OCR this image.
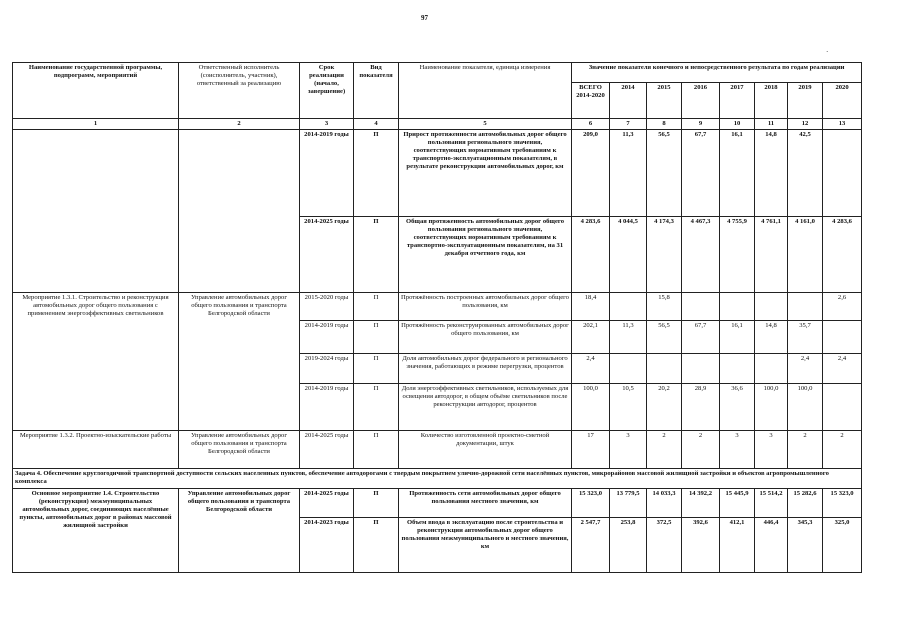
97
·
Наименование государственной программы, подпрограмм, мероприятий	Ответственный исполнитель (соисполнитель, участник), ответственный за реализацию	Срок реализации (начало, завершение)	Вид показателя	Наименование показателя, единица измерения	Значение показателя конечного и непосредственного результата по годам реализации							
					ВСЕГО 2014-2020	2014	2015	2016	2017	2018	2019	2020
1	2	3	4	5	6	7	8	9	10	11	12	13
		2014-2019 годы	П	Прирост протяженности автомобильных дорог общего пользования регионального значения, соответствующих нормативным требованиям к транспортно-эксплуатационным показателям, в результате реконструкции автомобильных дорог, км	209,0	11,3	56,5	67,7	16,1	14,8	42,5	
		2014-2025 годы	П	Общая протяженность автомобильных дорог общего пользования регионального значения, соответствующих нормативным требованиям к транспортно-эксплуатационным показателям, на 31 декабря отчетного года, км	4 283,6	4 044,5	4 174,3	4 467,3	4 755,9	4 761,1	4 161,0	4 283,6
Мероприятие 1.3.1. Строительство и реконструкция автомобильных дорог общего пользования с применением энергоэффективных светильников	Управление автомобильных дорог общего пользования и транспорта Белгородской области	2015-2020 годы	П	Протяжённость построенных автомобильных дорог общего пользования, км	18,4		15,8					2,6
		2014-2019 годы	П	Протяжённость реконструированных автомобильных дорог общего пользования, км	202,1	11,3	56,5	67,7	16,1	14,8	35,7	
		2019-2024 годы	П	Доля автомобильных дорог федерального и регионального значения, работающих в режиме перегрузки, процентов	2,4						2,4	2,4
		2014-2019 годы	П	Доля энергоэффективных светильников, используемых для освещения автодорог, в общем объёме светильников после реконструкции автодорог, процентов	100,0	10,5	20,2	28,9	36,6	100,0	100,0	
Мероприятие 1.3.2. Проектно-изыскательские работы	Управление автомобильных дорог общего пользования и транспорта Белгородской области	2014-2025 годы	П	Количество изготовленной проектно-сметной документации, штук	17	3	2	2	3	3	2	2
Задача 4. Обеспечение круглогодичной транспортной доступности сельских населенных пунктов, обеспечение автодорогами с твердым покрытием улично-дорожной сети населённых пунктов, микрорайонов массовой жилищной застройки и объектов агропромышленного комплекса												
Основное мероприятие 1.4. Строительство (реконструкция) межмуниципальных автомобильных дорог, соединяющих населённые пункты, автомобильных дорог в районах массовой жилищной застройки	Управление автомобильных дорог общего пользования и транспорта Белгородской области	2014-2025 годы	П	Протяженность сети автомобильных дорог общего пользования местного значения, км	15 323,0	13 779,5	14 033,3	14 392,2	15 445,9	15 514,2	15 282,6	15 323,0
		2014-2023 годы	П	Объем ввода в эксплуатацию после строительства и реконструкции автомобильных дорог общего пользования межмуниципального и местного значения, км	2 547,7	253,8	372,5	392,6	412,1	446,4	345,3	325,0
